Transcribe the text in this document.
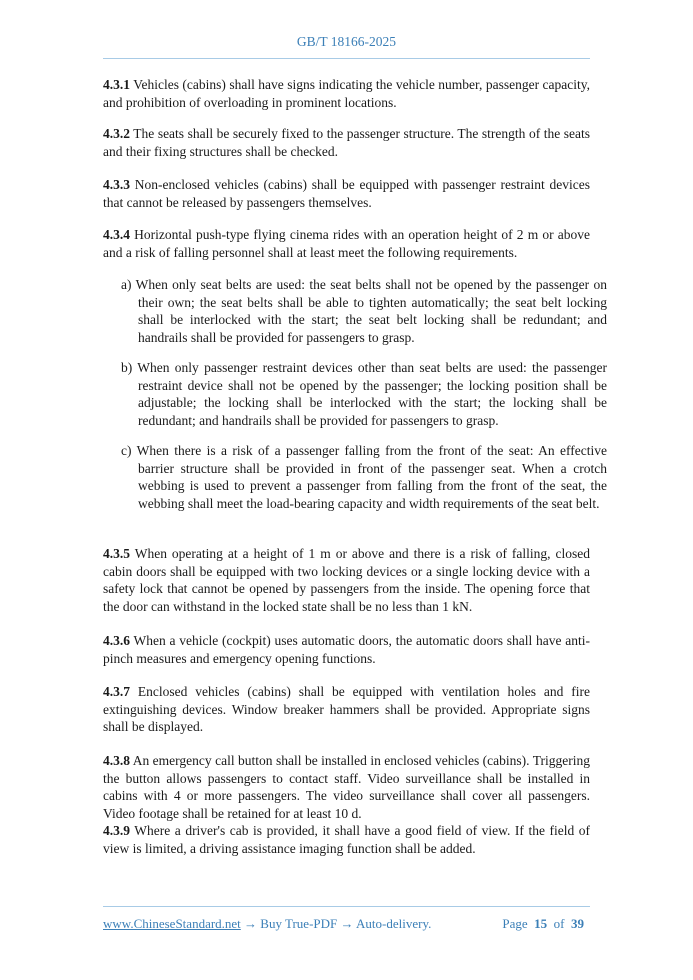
GB/T 18166-2025

4.3.1 Vehicles (cabins) shall have signs indicating the vehicle number, passenger capacity, and prohibition of overloading in prominent locations.

4.3.2 The seats shall be securely fixed to the passenger structure. The strength of the seats and their fixing structures shall be checked.

4.3.3 Non-enclosed vehicles (cabins) shall be equipped with passenger restraint devices that cannot be released by passengers themselves.

4.3.4 Horizontal push-type flying cinema rides with an operation height of 2 m or above and a risk of falling personnel shall at least meet the following requirements.

a) When only seat belts are used: the seat belts shall not be opened by the passenger on their own; the seat belts shall be able to tighten automatically; the seat belt locking shall be interlocked with the start; the seat belt locking shall be redundant; and handrails shall be provided for passengers to grasp.

b) When only passenger restraint devices other than seat belts are used: the passenger restraint device shall not be opened by the passenger; the locking position shall be adjustable; the locking shall be interlocked with the start; the locking shall be redundant; and handrails shall be provided for passengers to grasp.

c) When there is a risk of a passenger falling from the front of the seat: An effective barrier structure shall be provided in front of the passenger seat. When a crotch webbing is used to prevent a passenger from falling from the front of the seat, the webbing shall meet the load-bearing capacity and width requirements of the seat belt.

4.3.5 When operating at a height of 1 m or above and there is a risk of falling, closed cabin doors shall be equipped with two locking devices or a single locking device with a safety lock that cannot be opened by passengers from the inside. The opening force that the door can withstand in the locked state shall be no less than 1 kN.

4.3.6 When a vehicle (cockpit) uses automatic doors, the automatic doors shall have anti-pinch measures and emergency opening functions.

4.3.7 Enclosed vehicles (cabins) shall be equipped with ventilation holes and fire extinguishing devices. Window breaker hammers shall be provided. Appropriate signs shall be displayed.

4.3.8 An emergency call button shall be installed in enclosed vehicles (cabins). Triggering the button allows passengers to contact staff. Video surveillance shall be installed in cabins with 4 or more passengers. The video surveillance shall cover all passengers. Video footage shall be retained for at least 10 d.

4.3.9 Where a driver's cab is provided, it shall have a good field of view. If the field of view is limited, a driving assistance imaging function shall be added.

www.ChineseStandard.net → Buy True-PDF → Auto-delivery.	Page 15 of 39
